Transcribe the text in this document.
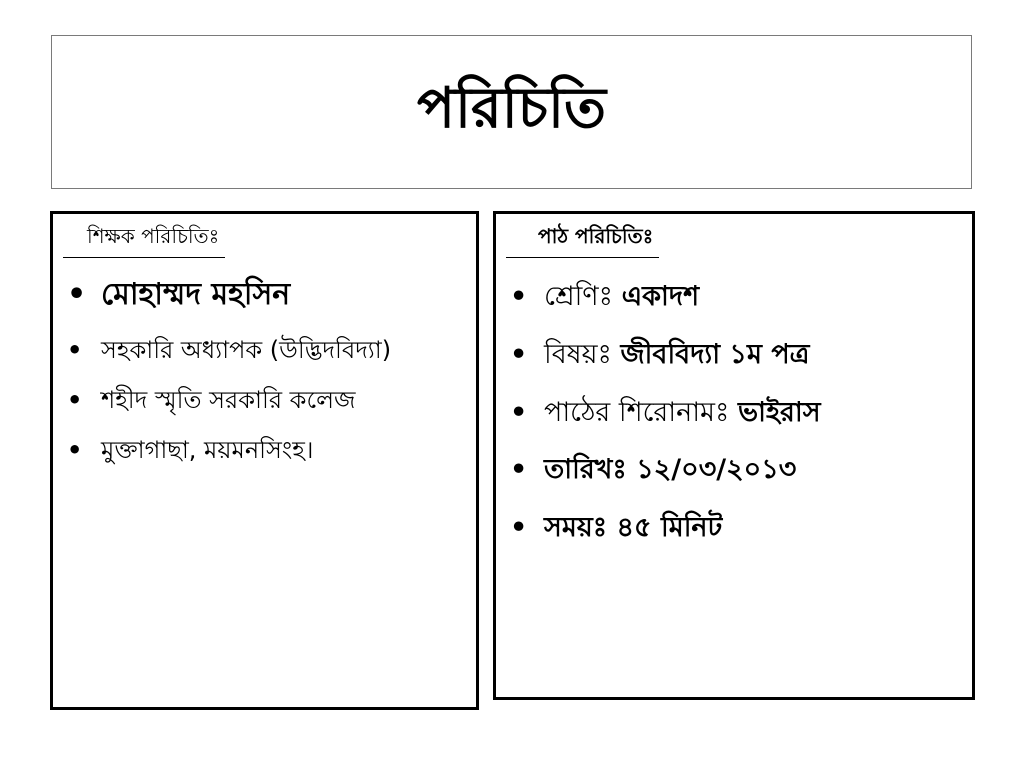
পরিচিতি
শিক্ষক পরিচিতিঃ
• মোহাম্মদ মহসিন
• সহকারি অধ্যাপক (উদ্ভিদবিদ্যা)
• শহীদ স্মৃতি সরকারি কলেজ
• মুক্তাগাছা, ময়মনসিংহ।
পাঠ পরিচিতিঃ
• শ্রেণিঃ একাদশ
• বিষয়ঃ জীববিদ্যা ১ম পত্র
• পাঠের শিরোনামঃ ভাইরাস
• তারিখঃ ১২/০৩/২০১৩
• সময়ঃ ৪৫ মিনিট
